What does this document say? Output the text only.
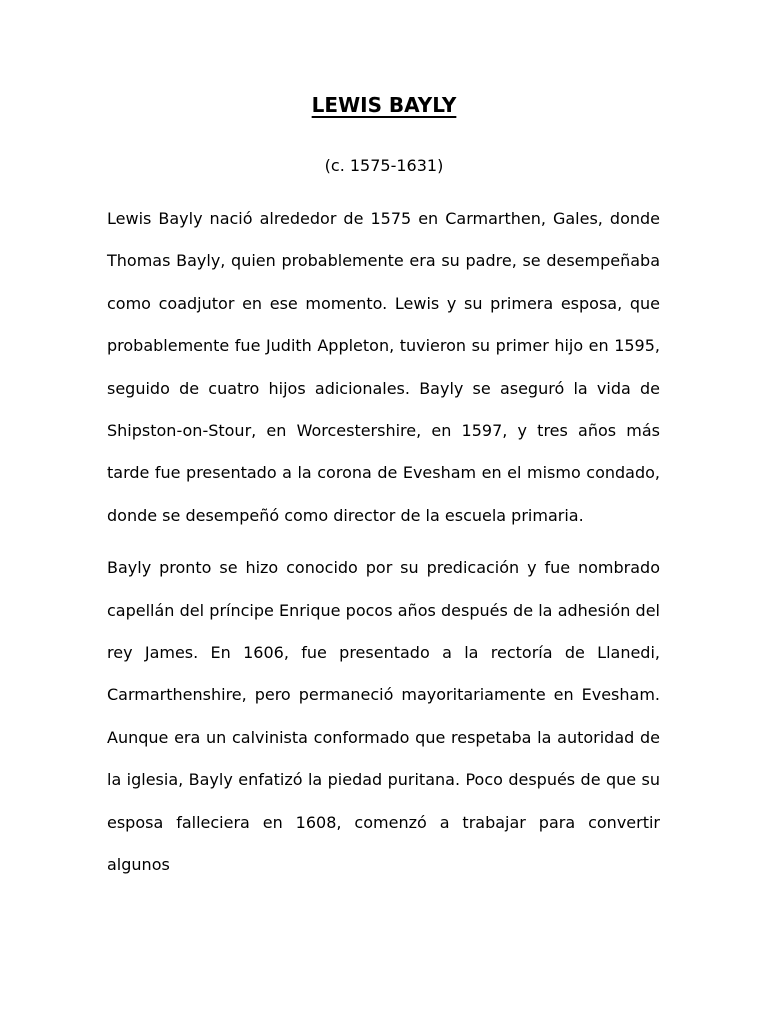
LEWIS BAYLY

(c. 1575-1631)

Lewis Bayly nació alrededor de 1575 en Carmarthen, Gales, donde Thomas Bayly, quien probablemente era su padre, se desempeñaba como coadjutor en ese momento. Lewis y su primera esposa, que probablemente fue Judith Appleton, tuvieron su primer hijo en 1595, seguido de cuatro hijos adicionales. Bayly se aseguró la vida de Shipston-on-Stour, en Worcestershire, en 1597, y tres años más tarde fue presentado a la corona de Evesham en el mismo condado, donde se desempeñó como director de la escuela primaria.

Bayly pronto se hizo conocido por su predicación y fue nombrado capellán del príncipe Enrique pocos años después de la adhesión del rey James. En 1606, fue presentado a la rectoría de Llanedi, Carmarthenshire, pero permaneció mayoritariamente en Evesham. Aunque era un calvinista conformado que respetaba la autoridad de la iglesia, Bayly enfatizó la piedad puritana. Poco después de que su esposa falleciera en 1608, comenzó a trabajar para convertir algunos
